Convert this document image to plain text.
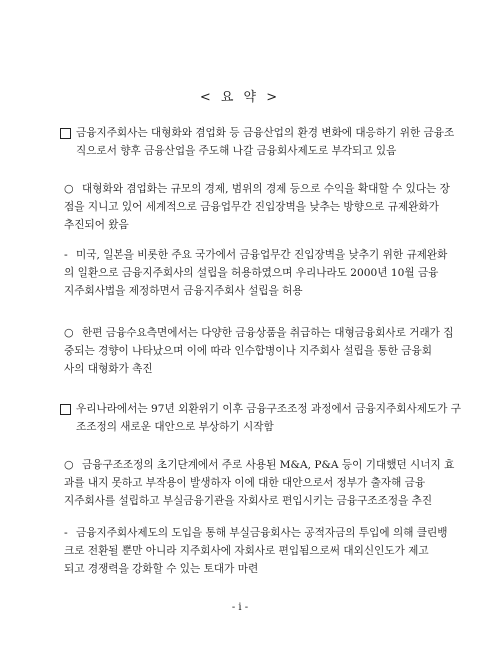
< 요 약 >
금융지주회사는 대형화와 겸업화 등 금융산업의 환경 변화에 대응하기 위한 금융조
직으로서 향후 금융산업을 주도해 나갈 금융회사제도로 부각되고 있음
○ 대형화와 겸업화는 규모의 경제, 범위의 경제 등으로 수익을 확대할 수 있다는 장
점을 지니고 있어 세계적으로 금융업무간 진입장벽을 낮추는 방향으로 규제완화가
추진되어 왔음
- 미국, 일본을 비롯한 주요 국가에서 금융업무간 진입장벽을 낮추기 위한 규제완화
의 일환으로 금융지주회사의 설립을 허용하였으며 우리나라도 2000년 10월 금융
지주회사법을 제정하면서 금융지주회사 설립을 허용
○ 한편 금융수요측면에서는 다양한 금융상품을 취급하는 대형금융회사로 거래가 집
중되는 경향이 나타났으며 이에 따라 인수합병이나 지주회사 설립을 통한 금융회
사의 대형화가 촉진
우리나라에서는 97년 외환위기 이후 금융구조조정 과정에서 금융지주회사제도가 구
조조정의 새로운 대안으로 부상하기 시작함
○ 금융구조조정의 초기단계에서 주로 사용된 M&A, P&A 등이 기대했던 시너지 효
과를 내지 못하고 부작용이 발생하자 이에 대한 대안으로서 정부가 출자해 금융
지주회사를 설립하고 부실금융기관을 자회사로 편입시키는 금융구조조정을 추진
- 금융지주회사제도의 도입을 통해 부실금융회사는 공적자금의 투입에 의해 클린뱅
크로 전환될 뿐만 아니라 지주회사에 자회사로 편입됨으로써 대외신인도가 제고
되고 경쟁력을 강화할 수 있는 토대가 마련
- i -
